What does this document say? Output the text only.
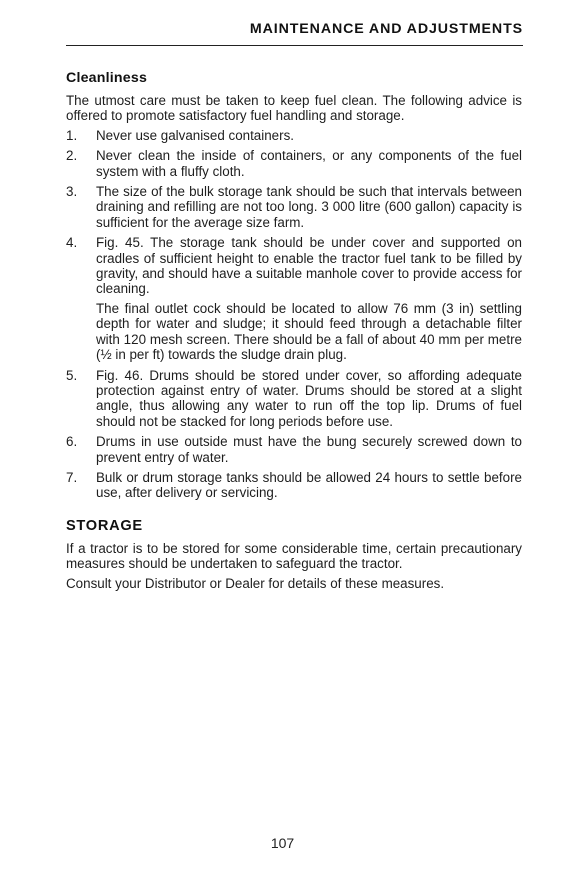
MAINTENANCE AND ADJUSTMENTS
Cleanliness

The utmost care must be taken to keep fuel clean. The following advice is offered to promote satisfactory fuel handling and storage.

1. Never use galvanised containers.
2. Never clean the inside of containers, or any components of the fuel system with a fluffy cloth.
3. The size of the bulk storage tank should be such that intervals between draining and refilling are not too long. 3 000 litre (600 gallon) capacity is sufficient for the average size farm.
4. Fig. 45. The storage tank should be under cover and supported on cradles of sufficient height to enable the tractor fuel tank to be filled by gravity, and should have a suitable manhole cover to provide access for cleaning.
The final outlet cock should be located to allow 76 mm (3 in) settling depth for water and sludge; it should feed through a detachable filter with 120 mesh screen. There should be a fall of about 40 mm per metre (½ in per ft) towards the sludge drain plug.
5. Fig. 46. Drums should be stored under cover, so affording adequate protection against entry of water. Drums should be stored at a slight angle, thus allowing any water to run off the top lip. Drums of fuel should not be stacked for long periods before use.
6. Drums in use outside must have the bung securely screwed down to prevent entry of water.
7. Bulk or drum storage tanks should be allowed 24 hours to settle before use, after delivery or servicing.
STORAGE

If a tractor is to be stored for some considerable time, certain precautionary measures should be undertaken to safeguard the tractor.

Consult your Distributor or Dealer for details of these measures.

107
